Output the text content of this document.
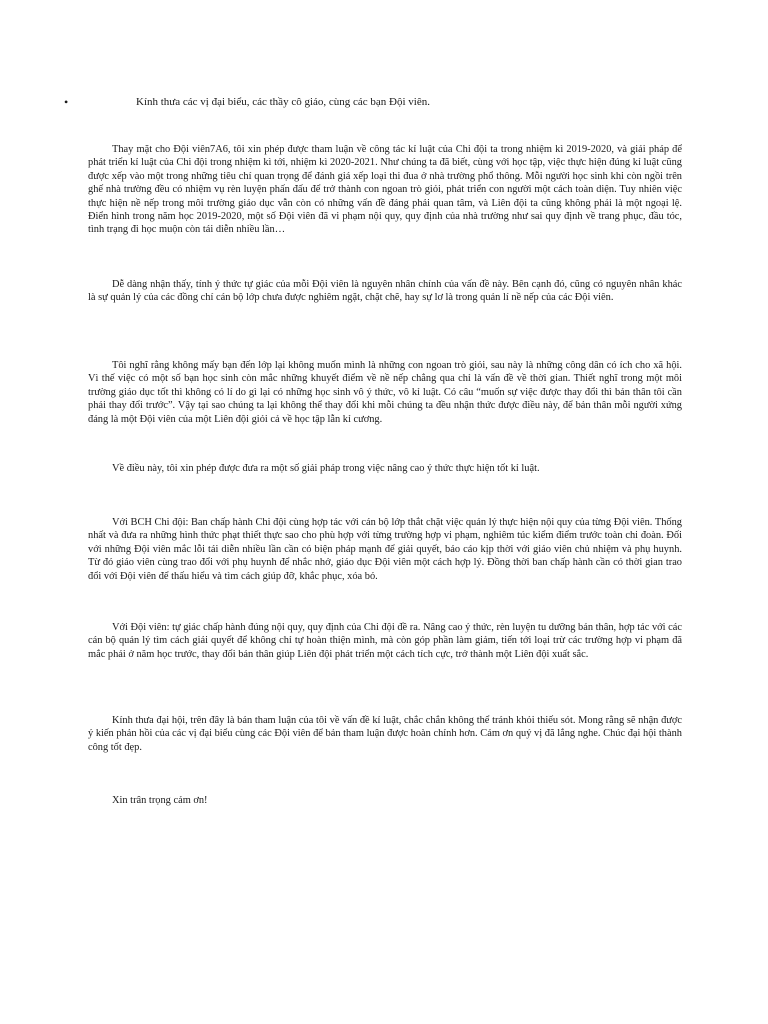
•	Kính thưa các vị đại biểu, các thầy cô giáo, cùng các bạn Đội viên.

Thay mặt cho Đội viên7A6, tôi xin phép được tham luận về công tác kỉ luật của Chi đội ta trong nhiệm kì 2019-2020, và giải pháp để phát triển kỉ luật của Chi đội trong nhiệm kì tới, nhiệm kì 2020-2021. Như chúng ta đã biết, cùng với học tập, việc thực hiện đúng kỉ luật cũng được xếp vào một trong những tiêu chí quan trọng để đánh giá xếp loại thi đua ở nhà trường phổ thông. Mỗi người học sinh khi còn ngồi trên ghế nhà trường đều có nhiệm vụ rèn luyện phấn đấu để trở thành con ngoan trò giỏi, phát triển con người một cách toàn diện. Tuy nhiên việc thực hiện nề nếp trong môi trường giáo dục vẫn còn có những vấn đề đáng phải quan tâm, và Liên đội ta cũng không phải là một ngoại lệ. Điển hình trong năm học 2019-2020, một số Đội viên đã vi phạm nội quy, quy định của nhà trường như sai quy định về trang phục, đầu tóc, tình trạng đi học muộn còn tái diễn nhiều lần…

Dễ dàng nhận thấy, tính ý thức tự giác của mỗi Đội viên là nguyên nhân chính của vấn đề này. Bên cạnh đó, cũng có nguyên nhân khác là sự quản lý của các đồng chí cán bộ lớp chưa được nghiêm ngặt, chặt chẽ, hay sự lơ là trong quản lí nề nếp của các Đội viên.

Tôi nghĩ rằng không mấy bạn đến lớp lại không muốn mình là những con ngoan trò giỏi, sau này là những công dân có ích cho xã hội. Vì thế việc có một số bạn học sinh còn mắc những khuyết điểm về nề nếp chẳng qua chỉ là vấn đề về thời gian. Thiết nghĩ trong một môi trường giáo dục tốt thì không có lí do gì lại có những học sinh vô ý thức, vô kỉ luật. Có câu “muốn sự việc được thay đổi thì bản thân tôi cần phải thay đổi trước”. Vậy tại sao chúng ta lại không thể thay đổi khi mỗi chúng ta đều nhận thức được điều này, để bản thân mỗi người xứng đáng là một Đội viên của một Liên đội giỏi cả về học tập lẫn kỉ cương.

Về điều này, tôi xin phép được đưa ra một số giải pháp trong việc nâng cao ý thức thực hiện tốt kỉ luật.

Với BCH Chi đội: Ban chấp hành Chi đội cùng hợp tác với cán bộ lớp thắt chặt việc quản lý thực hiện nội quy của từng Đội viên. Thống nhất và đưa ra những hình thức phạt thiết thực sao cho phù hợp với từng trường hợp vi phạm, nghiêm túc kiểm điểm trước toàn chi đoàn. Đối với những Đội viên mắc lỗi tái diễn nhiều lần cần có biện pháp mạnh để giải quyết, báo cáo kịp thời với giáo viên chủ nhiệm và phụ huynh. Từ đó giáo viên cùng trao đổi với phụ huynh để nhắc nhở, giáo dục Đội viên một cách hợp lý. Đồng thời ban chấp hành cần có thời gian trao đổi với Đội viên để thấu hiểu và tìm cách giúp đỡ, khắc phục, xóa bỏ.

Với Đội viên: tự giác chấp hành đúng nội quy, quy định của Chi đội đề ra. Nâng cao ý thức, rèn luyện tu dưỡng bản thân, hợp tác với các cán bộ quản lý tìm cách giải quyết để không chỉ tự hoàn thiện mình, mà còn góp phần làm giảm, tiến tới loại trừ các trường hợp vi phạm đã mắc phải ở năm học trước, thay đổi bản thân giúp Liên đội phát triển một cách tích cực, trở thành một Liên đội xuất sắc.

Kính thưa đại hội, trên đây là bản tham luận của tôi về vấn đề kỉ luật, chắc chắn không thể tránh khỏi thiếu sót. Mong rằng sẽ nhận được ý kiến phản hồi của các vị đại biểu cùng các Đội viên để bản tham luận được hoàn chỉnh hơn. Cảm ơn quý vị đã lắng nghe. Chúc đại hội thành công tốt đẹp.

Xin trân trọng cảm ơn!
